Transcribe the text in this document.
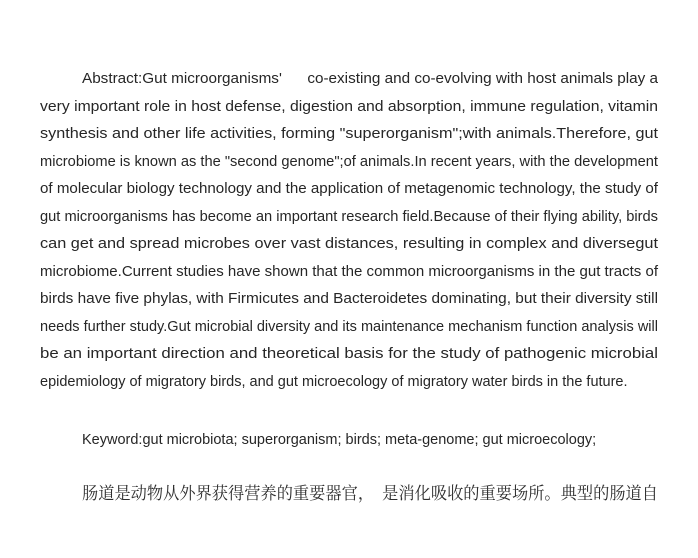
Abstract:Gut microorganisms'      co-existing and co-evolving with host animals play a
very important role in host defense, digestion and absorption, immune regulation, vitamin
synthesis and other life activities, forming "superorganism";with animals.Therefore, gut
microbiome is known as the "second genome";of animals.In recent years, with the development
of molecular biology technology and the application of metagenomic technology, the study of
gut microorganisms has become an important research field.Because of their flying ability, birds
can get and spread microbes over vast distances, resulting in complex and diversegut
microbiome.Current studies have shown that the common microorganisms in the gut tracts of
birds have five phylas, with Firmicutes and Bacteroidetes dominating, but their diversity still
needs further study.Gut microbial diversity and its maintenance mechanism function analysis will
be an important direction and theoretical basis for the study of pathogenic microbial
epidemiology of migratory birds, and gut microecology of migratory water birds in the future.
Keyword:gut microbiota; superorganism; birds; meta-genome; gut microecology;
肠道是动物从外界获得营养的重要器官，　是消化吸收的重要场所。典型的肠道自
